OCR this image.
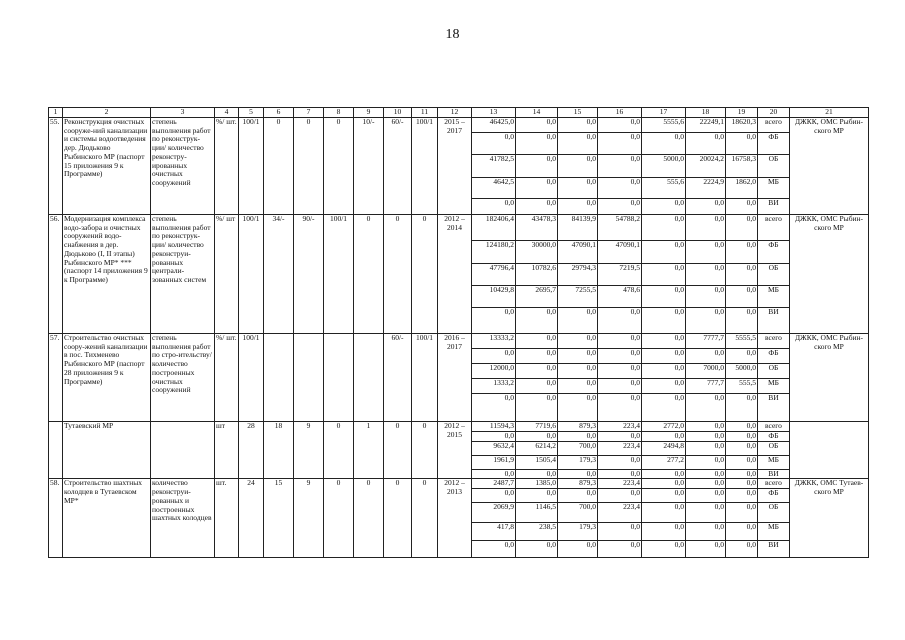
18
1	2	3	4	5	6	7	8	9	10	11	12	13	14	15	16	17	18	19	20	21
55.	Реконструкция очистных сооруже-ний канализации и системы водоотведения дер. Дюдьково Рыбинского МР (паспорт 15 приложения 9 к Программе)	степень выполнения работ по реконструк-ции/ количество реконстру-ированных очистных сооружений	%/ шт.	100/1	0	0	0	10/-	60/-	100/1	2015 – 2017	46425,0	0,0	0,0	0,0	5555,6	22249,1	18620,3	всего	ДЖКК, ОМС Рыбин-ского МР
												0,0	0,0	0,0	0,0	0,0	0,0	0,0	ФБ	
												41782,5	0,0	0,0	0,0	5000,0	20024,2	16758,3	ОБ	
												4642,5	0,0	0,0	0,0	555,6	2224,9	1862,0	МБ	
												0,0	0,0	0,0	0,0	0,0	0,0	0,0	ВИ	
56.	Модернизация комплекса водо-забора и очистных сооружений водо-снабжения в дер. Дюдьково (I, II этапы) Рыбинского МР* *** (паспорт 14 приложения 9 к Программе)	степень выполнения работ по реконструк-ции/ количество реконструи-рованных централи-зованных систем	%/ шт	100/1	34/-	90/-	100/1	0	0	0	2012 – 2014	182406,4	43478,3	84139,9	54788,2	0,0	0,0	0,0	всего	ДЖКК, ОМС Рыбин-ского МР
												124180,2	30000,0	47090,1	47090,1	0,0	0,0	0,0	ФБ	
												47796,4	10782,6	29794,3	7219,5	0,0	0,0	0,0	ОБ	
												10429,8	2695,7	7255,5	478,6	0,0	0,0	0,0	МБ	
												0,0	0,0	0,0	0,0	0,0	0,0	0,0	ВИ	
57.	Строительство очистных соору-жений канализации в пос. Тихменево Рыбинского МР (паспорт 28 приложения 9 к Программе)	степень выполнения работ по стро-ительству/ количество построенных очистных сооружений	%/ шт.	100/1					60/-	100/1	2016 – 2017	13333,2	0,0	0,0	0,0	0,0	7777,7	5555,5	всего	ДЖКК, ОМС Рыбин-ского МР
												0,0	0,0	0,0	0,0	0,0	0,0	0,0	ФБ	
												12000,0	0,0	0,0	0,0	0,0	7000,0	5000,0	ОБ	
												1333,2	0,0	0,0	0,0	0,0	777,7	555,5	МБ	
												0,0	0,0	0,0	0,0	0,0	0,0	0,0	ВИ	
	Тутаевский МР		шт	28	18	9	0	1	0	0	2012 – 2015	11594,3	7719,6	879,3	223,4	2772,0	0,0	0,0	всего	
												0,0	0,0	0,0	0,0	0,0	0,0	0,0	ФБ	
												9632,4	6214,2	700,0	223,4	2494,8	0,0	0,0	ОБ	
												1961,9	1505,4	179,3	0,0	277,2	0,0	0,0	МБ	
												0,0	0,0	0,0	0,0	0,0	0,0	0,0	ВИ	
58.	Строительство шахтных колодцев в Тутаевском МР*	количество реконструи-рованных и построенных шахтных колодцев	шт.	24	15	9	0	0	0	0	2012 – 2013	2487,7	1385,0	879,3	223,4	0,0	0,0	0,0	всего	ДЖКК, ОМС Тутаев-ского МР
												0,0	0,0	0,0	0,0	0,0	0,0	0,0	ФБ	
												2069,9	1146,5	700,0	223,4	0,0	0,0	0,0	ОБ	
												417,8	238,5	179,3	0,0	0,0	0,0	0,0	МБ	
												0,0	0,0	0,0	0,0	0,0	0,0	0,0	ВИ	
